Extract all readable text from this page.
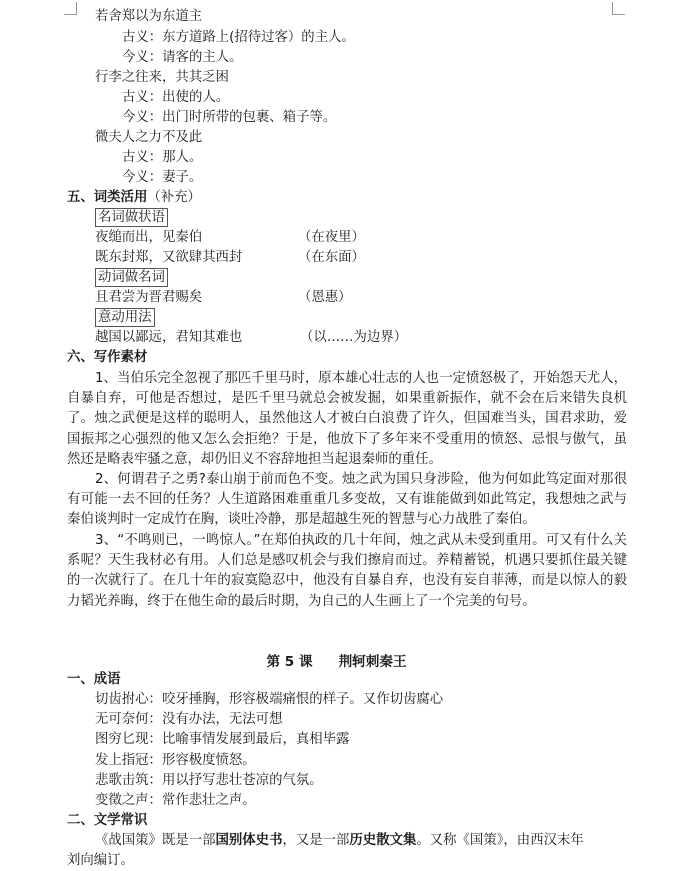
若舍郑以为东道主
古义：东方道路上(招待过客）的主人。
今义：请客的主人。
行李之往来，共其乏困
古义：出使的人。
今义：出门时所带的包裹、箱子等。
微夫人之力不及此
古义：那人。
今义：妻子。
五、词类活用（补充）
名词做状语
夜缒而出，见秦伯	（在夜里）
既东封郑，又欲肆其西封	（在东面）
动词做名词
且君尝为晋君赐矣	（恩惠）
意动用法
越国以鄙远，君知其难也	（以……为边界）
六、写作素材
1、当伯乐完全忽视了那匹千里马时，原本雄心壮志的人也一定愤怒极了，开始怨天尤人，自暴自弃，可他是否想过，是匹千里马就总会被发掘，如果重新振作，就不会在后来错失良机了。烛之武便是这样的聪明人，虽然他这人才被白白浪费了许久，但国难当头，国君求助，爱国振邦之心强烈的他又怎么会拒绝？于是，他放下了多年来不受重用的愤怒、忌恨与傲气，虽然还是略表牢骚之意，却仍旧义不容辞地担当起退秦师的重任。
2、何谓君子之勇?泰山崩于前而色不变。烛之武为国只身涉险，他为何如此笃定面对那很有可能一去不回的任务？人生道路困难重重几多变故，又有谁能做到如此笃定，我想烛之武与秦伯谈判时一定成竹在胸，谈吐冷静，那是超越生死的智慧与心力战胜了秦伯。
3、“不鸣则已，一鸣惊人。”在郑伯执政的几十年间，烛之武从未受到重用。可又有什么关系呢？天生我材必有用。人们总是感叹机会与我们擦肩而过。养精蓄锐，机遇只要抓住最关键的一次就行了。在几十年的寂寞隐忍中，他没有自暴自弃，也没有妄自菲薄，而是以惊人的毅力韬光养晦，终于在他生命的最后时期，为自己的人生画上了一个完美的句号。
第 5 课 荆轲刺秦王
一、成语
切齿拊心：咬牙捶胸，形容极端痛恨的样子。又作切齿腐心
无可奈何：没有办法，无法可想
图穷匕现：比喻事情发展到最后，真相毕露
发上指冠：形容极度愤怒。
悲歌击筑：用以抒写悲壮苍凉的气氛。
变徵之声：常作悲壮之声。
二、文学常识
《战国策》既是一部国别体史书，又是一部历史散文集。又称《国策》，由西汉末年
刘向编订。
